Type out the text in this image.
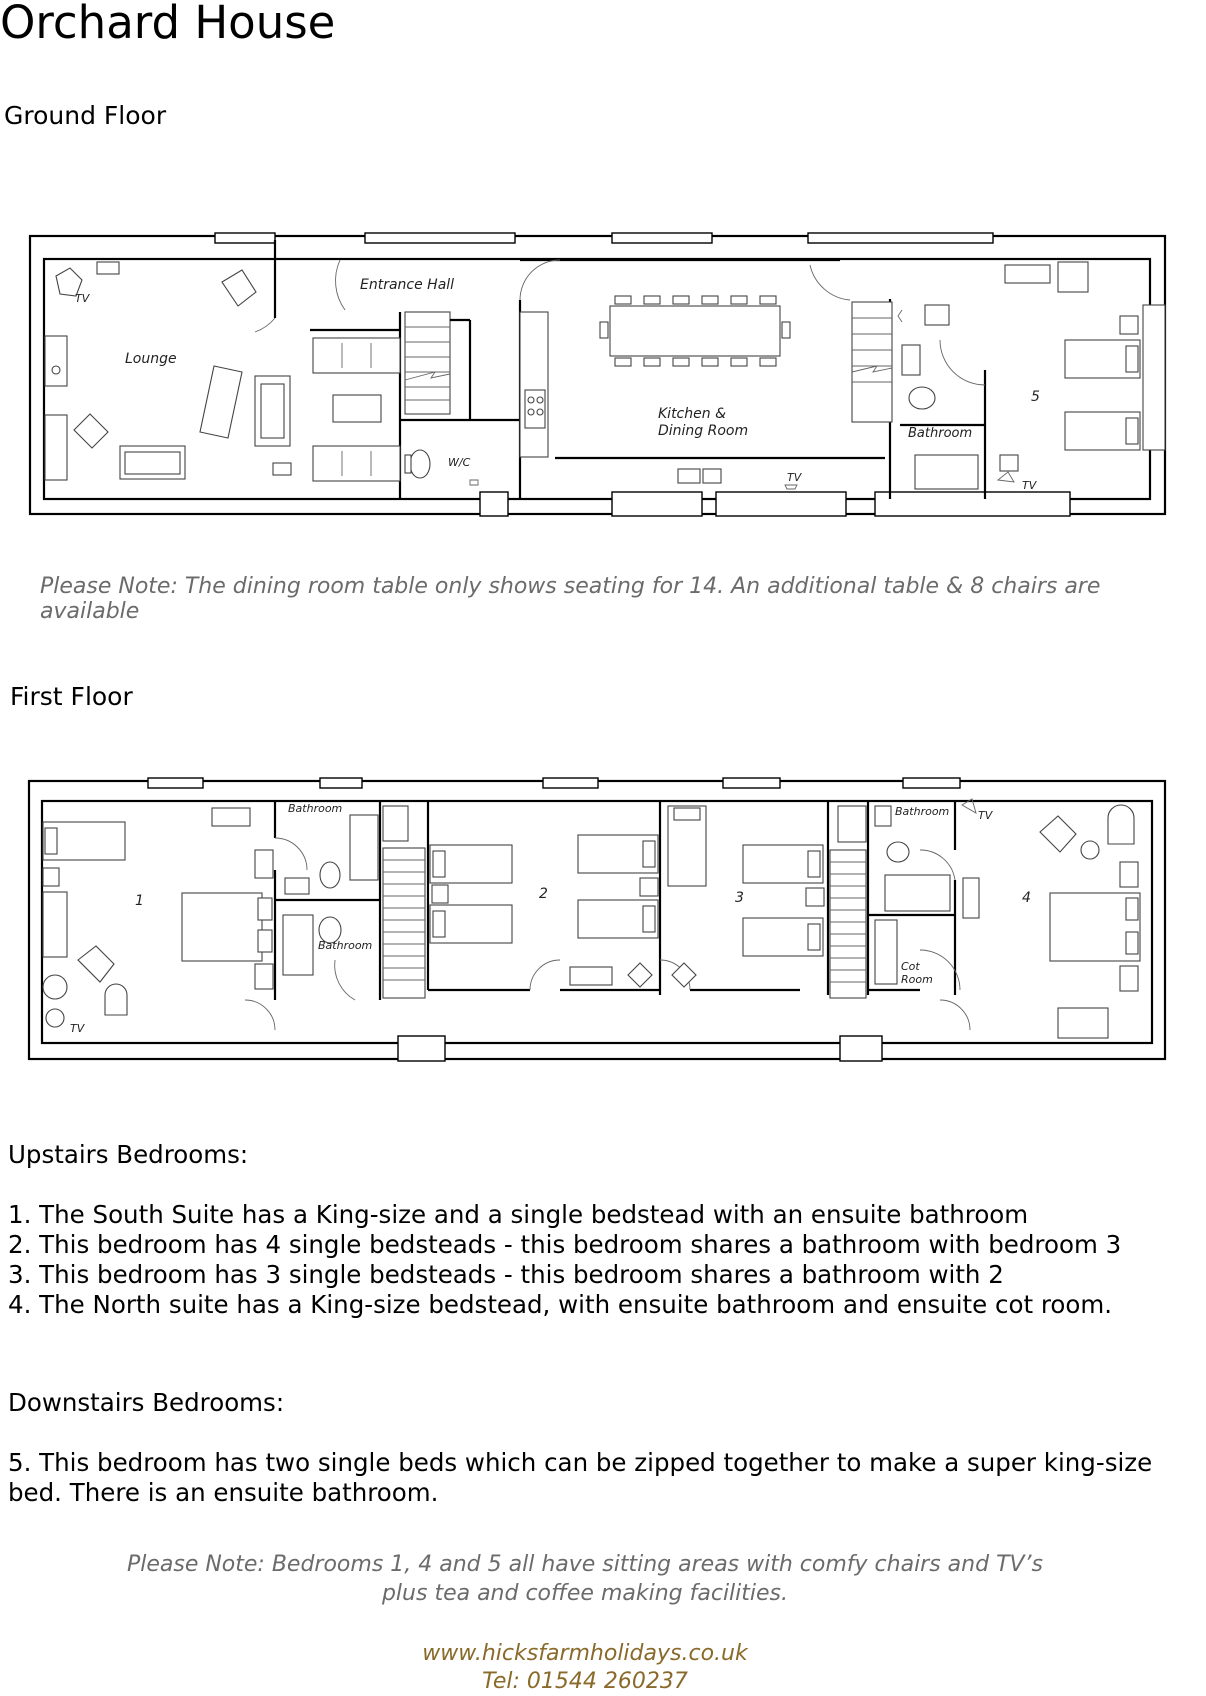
Orchard House
Ground Floor
TV
Lounge
Entrance Hall
W/C
Kitchen &
Dining Room
TV
Bathroom
5
TV
Please Note: The dining room table only shows seating for 14. An additional table & 8 chairs are available
First Floor
1
Bathroom
Bathroom
TV
2	3
Bathroom	TV
4
Cot
Room

Upstairs Bedrooms:

1. The South Suite has a King-size and a single bedstead with an ensuite bathroom

2. This bedroom has 4 single bedsteads - this bedroom shares a bathroom with bedroom 3

3. This bedroom has 3 single bedsteads - this bedroom shares a bathroom with 2

4. The North suite has a King-size bedstead, with ensuite bathroom and ensuite cot room.

Downstairs Bedrooms:

5. This bedroom has two single beds which can be zipped together to make a super king-size bed. There is an ensuite bathroom.

Please Note: Bedrooms 1, 4 and 5 all have sitting areas with comfy chairs and TV’s
plus tea and coffee making facilities.
www.hicksfarmholidays.co.uk
Tel: 01544 260237
